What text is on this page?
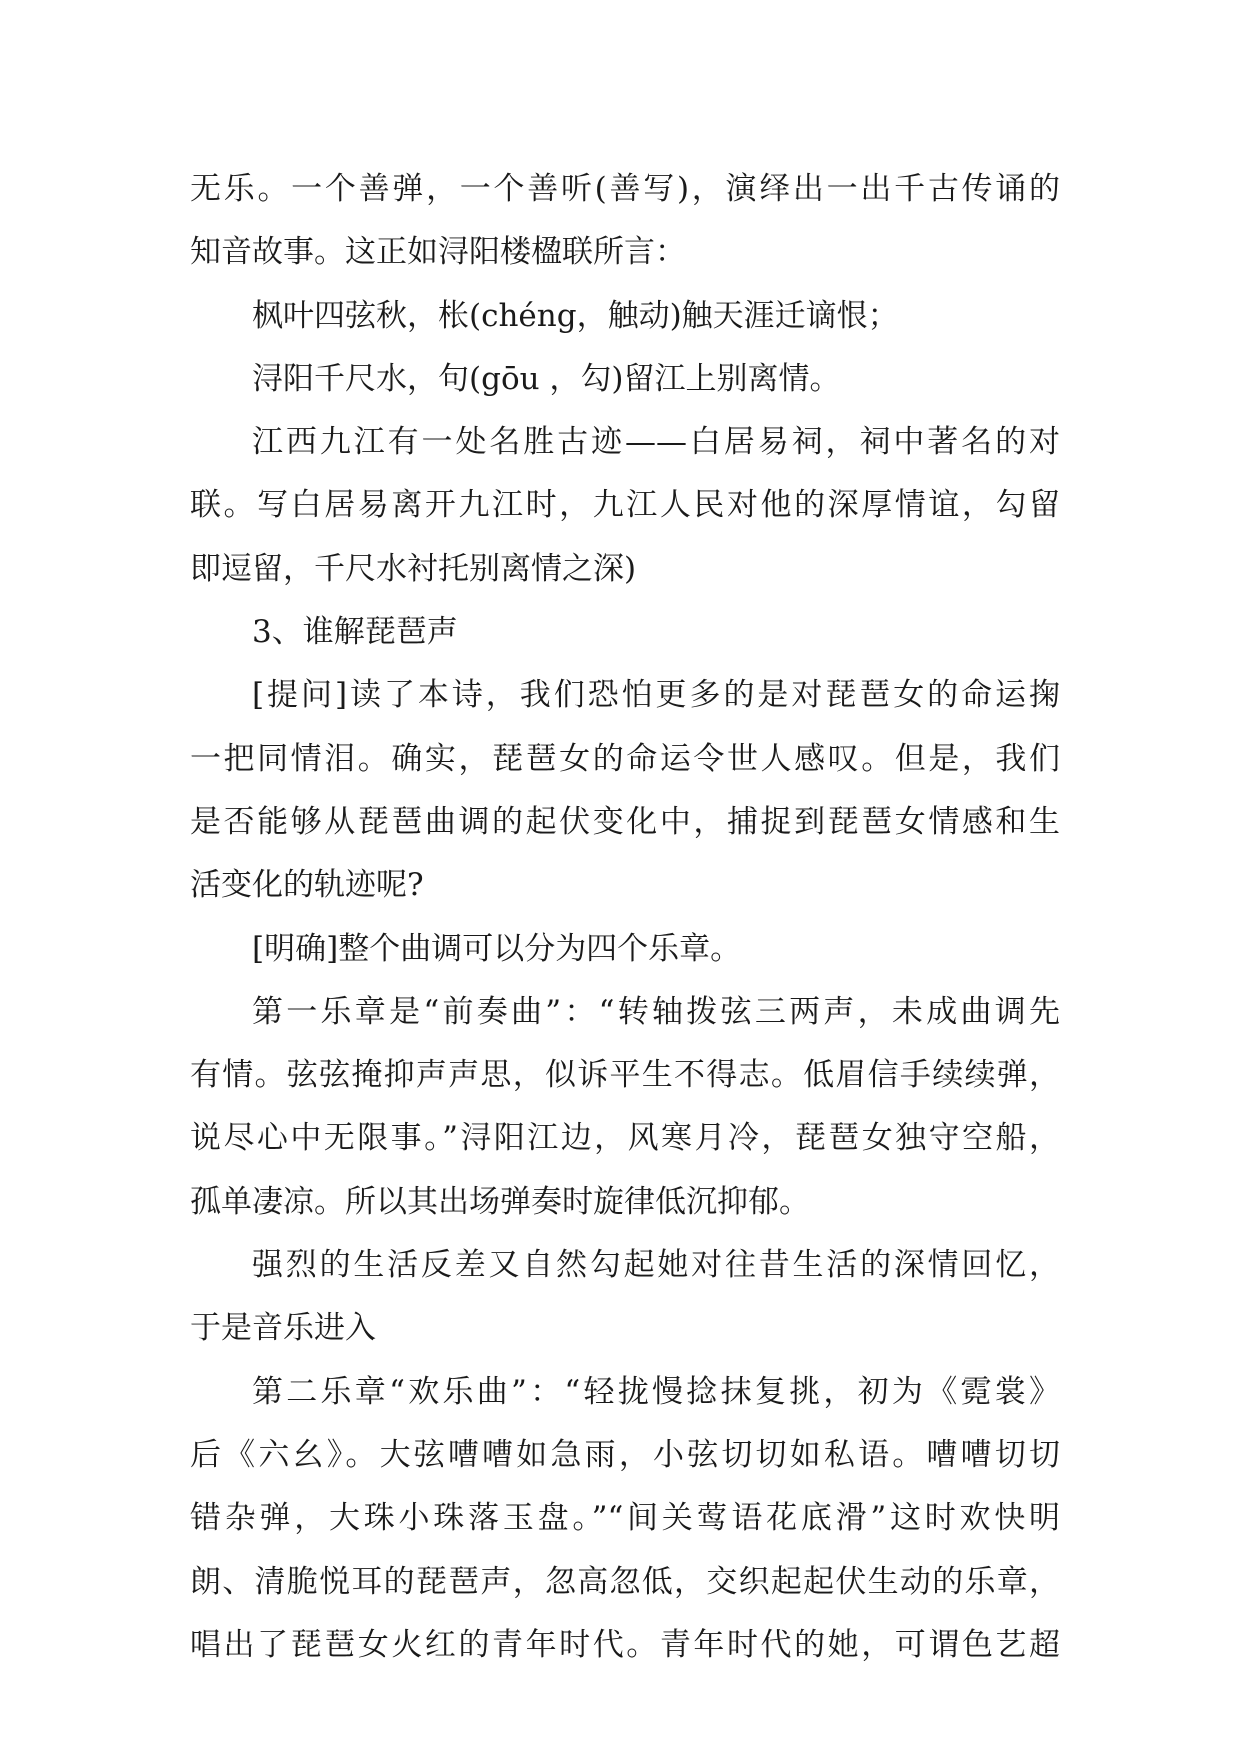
无乐。一个善弹，一个善听(善写)，演绎出一出千古传诵的
知音故事。这正如浔阳楼楹联所言：
枫叶四弦秋，枨(chéng，触动)触天涯迁谪恨；
浔阳千尺水，句(gōu ，勾)留江上别离情。
江西九江有一处名胜古迹——白居易祠，祠中著名的对
联。写白居易离开九江时，九江人民对他的深厚情谊，勾留
即逗留，千尺水衬托别离情之深)
3、谁解琵琶声
[提问]读了本诗，我们恐怕更多的是对琵琶女的命运掬
一把同情泪。确实，琵琶女的命运令世人感叹。但是，我们
是否能够从琵琶曲调的起伏变化中，捕捉到琵琶女情感和生
活变化的轨迹呢?
[明确]整个曲调可以分为四个乐章。
第一乐章是“前奏曲”：“转轴拨弦三两声，未成曲调先
有情。弦弦掩抑声声思，似诉平生不得志。低眉信手续续弹，
说尽心中无限事。”浔阳江边，风寒月冷，琵琶女独守空船，
孤单凄凉。所以其出场弹奏时旋律低沉抑郁。
强烈的生活反差又自然勾起她对往昔生活的深情回忆，
于是音乐进入
第二乐章“欢乐曲”：“轻拢慢捻抹复挑，初为《霓裳》
后《六幺》。大弦嘈嘈如急雨，小弦切切如私语。嘈嘈切切
错杂弹，大珠小珠落玉盘。”“间关莺语花底滑”这时欢快明
朗、清脆悦耳的琵琶声，忽高忽低，交织起起伏生动的乐章，
唱出了琵琶女火红的青年时代。青年时代的她，可谓色艺超
